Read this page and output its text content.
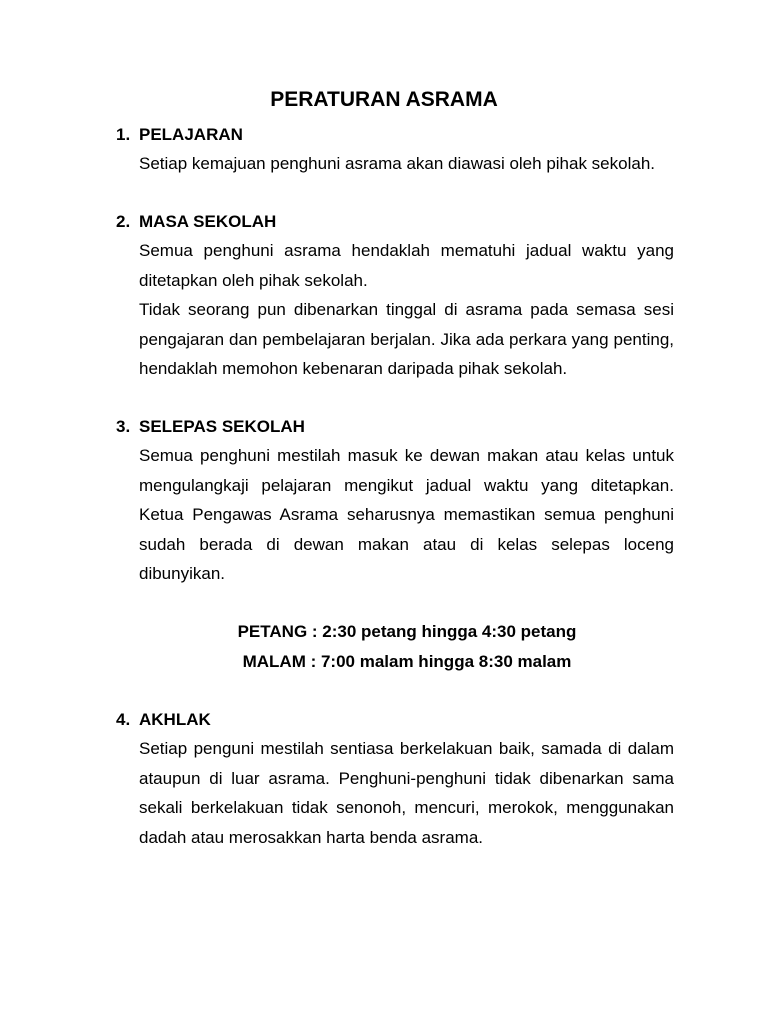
PERATURAN ASRAMA
1. PELAJARAN

Setiap kemajuan penghuni asrama akan diawasi oleh pihak sekolah.

2. MASA SEKOLAH

Semua penghuni asrama hendaklah mematuhi jadual waktu yang ditetapkan oleh pihak sekolah.

Tidak seorang pun dibenarkan tinggal di asrama pada semasa sesi pengajaran dan pembelajaran berjalan. Jika ada perkara yang penting, hendaklah memohon kebenaran daripada pihak sekolah.

3. SELEPAS SEKOLAH

Semua penghuni mestilah masuk ke dewan makan atau kelas untuk mengulangkaji pelajaran mengikut jadual waktu yang ditetapkan. Ketua Pengawas Asrama seharusnya memastikan semua penghuni sudah berada di dewan makan atau di kelas selepas loceng dibunyikan.

PETANG : 2:30 petang hingga 4:30 petang
MALAM : 7:00 malam hingga 8:30 malam
4. AKHLAK

Setiap penguni mestilah sentiasa berkelakuan baik, samada di dalam ataupun di luar asrama. Penghuni-penghuni tidak dibenarkan sama sekali berkelakuan tidak senonoh, mencuri, merokok, menggunakan dadah atau merosakkan harta benda asrama.
